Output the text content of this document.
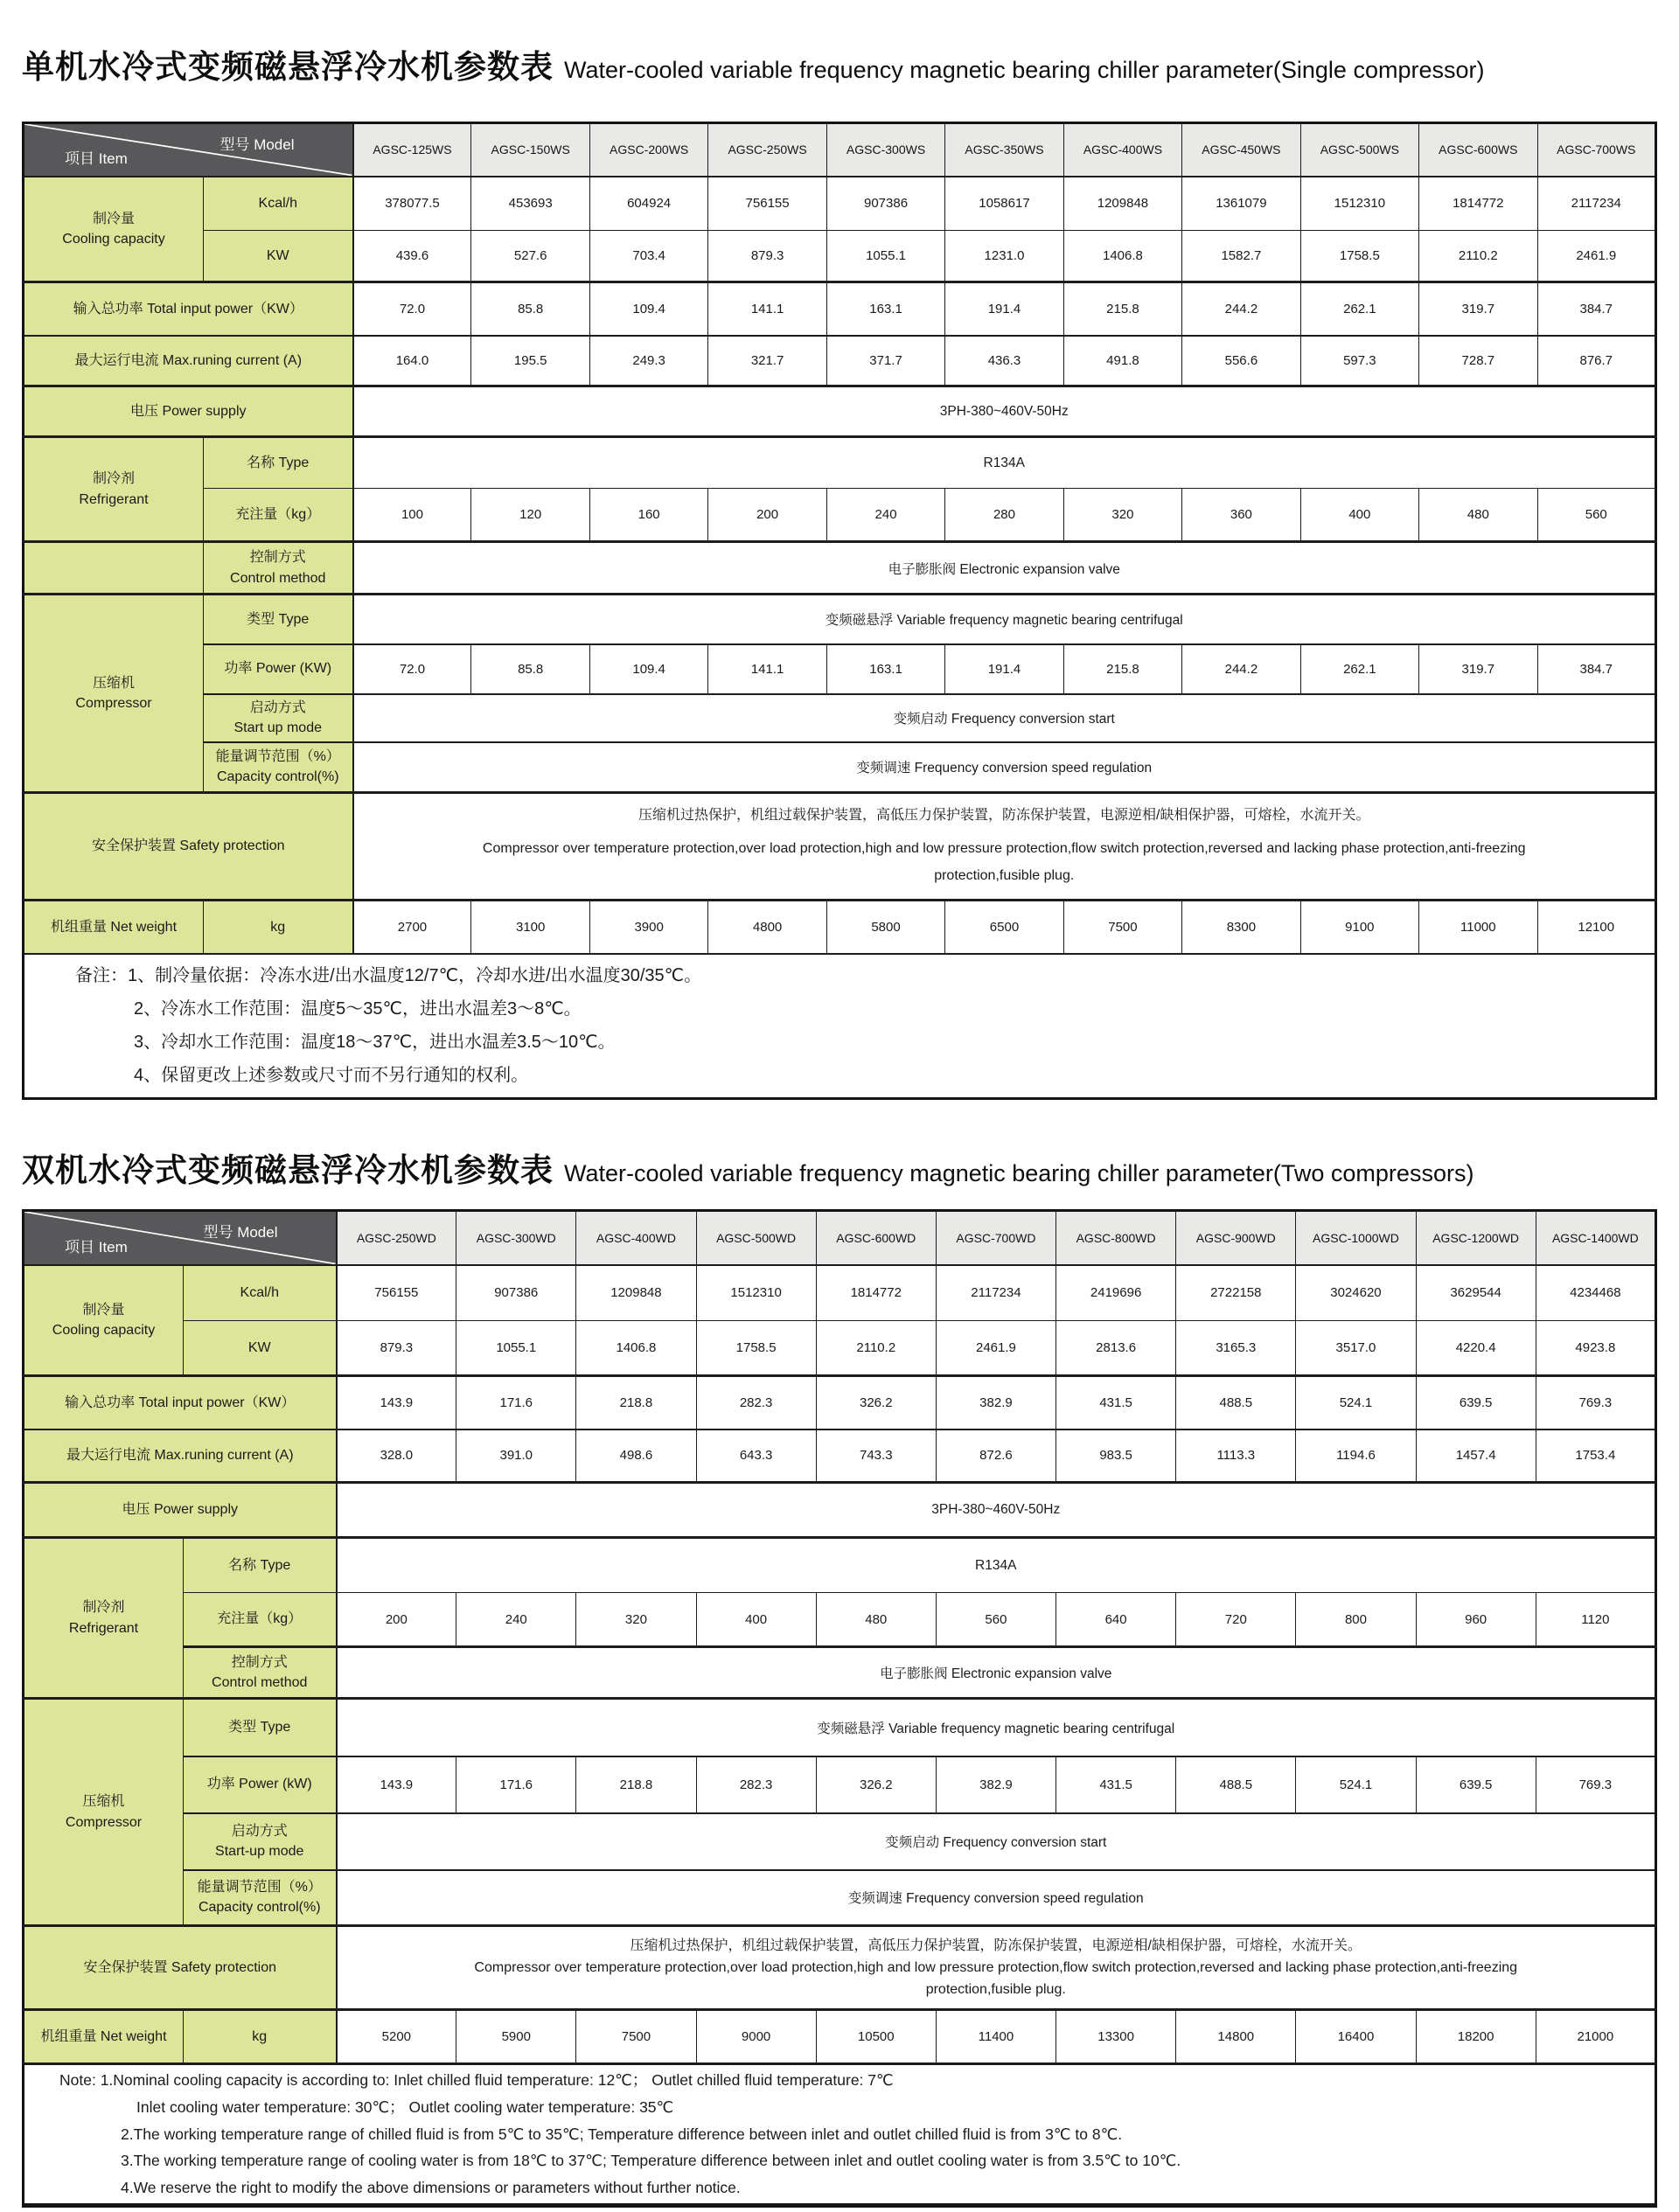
单机水冷式变频磁悬浮冷水机参数表 Water-cooled variable frequency magnetic bearing chiller parameter(Single compressor)
型号 Model
项目 Item		AGSC-125WS	AGSC-150WS	AGSC-200WS	AGSC-250WS	AGSC-300WS	AGSC-350WS	AGSC-400WS	AGSC-450WS	AGSC-500WS	AGSC-600WS	AGSC-700WS

制冷量
Cooling capacity	Kcal/h	378077.5	453693	604924	756155	907386	1058617	1209848	1361079	1512310	1814772	2117234
	KW	439.6	527.6	703.4	879.3	1055.1	1231.0	1406.8	1582.7	1758.5	2110.2	2461.9
输入总功率 Total input power（KW）		72.0	85.8	109.4	141.1	163.1	191.4	215.8	244.2	262.1	319.7	384.7
最大运行电流 Max.runing current (A)		164.0	195.5	249.3	321.7	371.7	436.3	491.8	556.6	597.3	728.7	876.7
电压 Power supply		3PH-380~460V-50Hz										

制冷剂
Refrigerant	名称 Type	R134A										
	充注量（kg）	100	120	160	200	240	280	320	360	400	480	560

	控制方式
Control method	电子膨胀阀 Electronic expansion valve										

压缩机
Compressor	类型 Type	变频磁悬浮 Variable frequency magnetic bearing centrifugal										
	功率 Power (KW)	72.0	85.8	109.4	141.1	163.1	191.4	215.8	244.2	262.1	319.7	384.7

	启动方式
Start up mode	变频启动 Frequency conversion start										

	能量调节范围（%）
Capacity control(%)	变频调速 Frequency conversion speed regulation										
安全保护装置 Safety protection		压缩机过热保护，机组过载保护装置，高低压力保护装置，防冻保护装置，电源逆相/缺相保护器，可熔栓，水流开关。
Compressor over temperature protection,over load protection,high and low pressure protection,flow switch protection,reversed and lacking phase protection,anti-freezing protection,fusible plug.										

机组重量 Net weight	kg	2700	3100	3900	4800	5800	6500	7500	8300	9100	11000	12100

备注：1、制冷量依据：冷冻水进/出水温度12/7℃，冷却水进/出水温度30/35℃。
2、冷冻水工作范围：温度5～35℃，进出水温差3～8℃。
3、冷却水工作范围：温度18～37℃，进出水温差3.5～10℃。
4、保留更改上述参数或尺寸而不另行通知的权利。												
双机水冷式变频磁悬浮冷水机参数表 Water-cooled variable frequency magnetic bearing chiller parameter(Two compressors)
型号 Model
项目 Item		AGSC-250WD	AGSC-300WD	AGSC-400WD	AGSC-500WD	AGSC-600WD	AGSC-700WD	AGSC-800WD	AGSC-900WD	AGSC-1000WD	AGSC-1200WD	AGSC-1400WD

制冷量
Cooling capacity	Kcal/h	756155	907386	1209848	1512310	1814772	2117234	2419696	2722158	3024620	3629544	4234468
	KW	879.3	1055.1	1406.8	1758.5	2110.2	2461.9	2813.6	3165.3	3517.0	4220.4	4923.8
输入总功率 Total input power（KW）		143.9	171.6	218.8	282.3	326.2	382.9	431.5	488.5	524.1	639.5	769.3
最大运行电流 Max.runing current (A)		328.0	391.0	498.6	643.3	743.3	872.6	983.5	1113.3	1194.6	1457.4	1753.4
电压 Power supply		3PH-380~460V-50Hz										

制冷剂
Refrigerant	名称 Type	R134A										
	充注量（kg）	200	240	320	400	480	560	640	720	800	960	1120

	控制方式
Control method	电子膨胀阀 Electronic expansion valve										

压缩机
Compressor	类型 Type	变频磁悬浮 Variable frequency magnetic bearing centrifugal										
	功率 Power (kW)	143.9	171.6	218.8	282.3	326.2	382.9	431.5	488.5	524.1	639.5	769.3

	启动方式
Start-up mode	变频启动 Frequency conversion start										

	能量调节范围（%）
Capacity control(%)	变频调速 Frequency conversion speed regulation										
安全保护装置 Safety protection		压缩机过热保护，机组过载保护装置，高低压力保护装置，防冻保护装置，电源逆相/缺相保护器，可熔栓，水流开关。
Compressor over temperature protection,over load protection,high and low pressure protection,flow switch protection,reversed and lacking phase protection,anti-freezing protection,fusible plug.										

机组重量 Net weight	kg	5200	5900	7500	9000	10500	11400	13300	14800	16400	18200	21000

Note: 1.Nominal cooling capacity is according to: Inlet chilled fluid temperature: 12℃； Outlet chilled fluid temperature: 7℃
Inlet cooling water temperature: 30℃； Outlet cooling water temperature: 35℃
2.The working temperature range of chilled fluid is from 5℃ to 35℃; Temperature difference between inlet and outlet chilled fluid is from 3℃ to 8℃.
3.The working temperature range of cooling water is from 18℃ to 37℃; Temperature difference between inlet and outlet cooling water is from 3.5℃ to 10℃.
4.We reserve the right to modify the above dimensions or parameters without further notice.												
